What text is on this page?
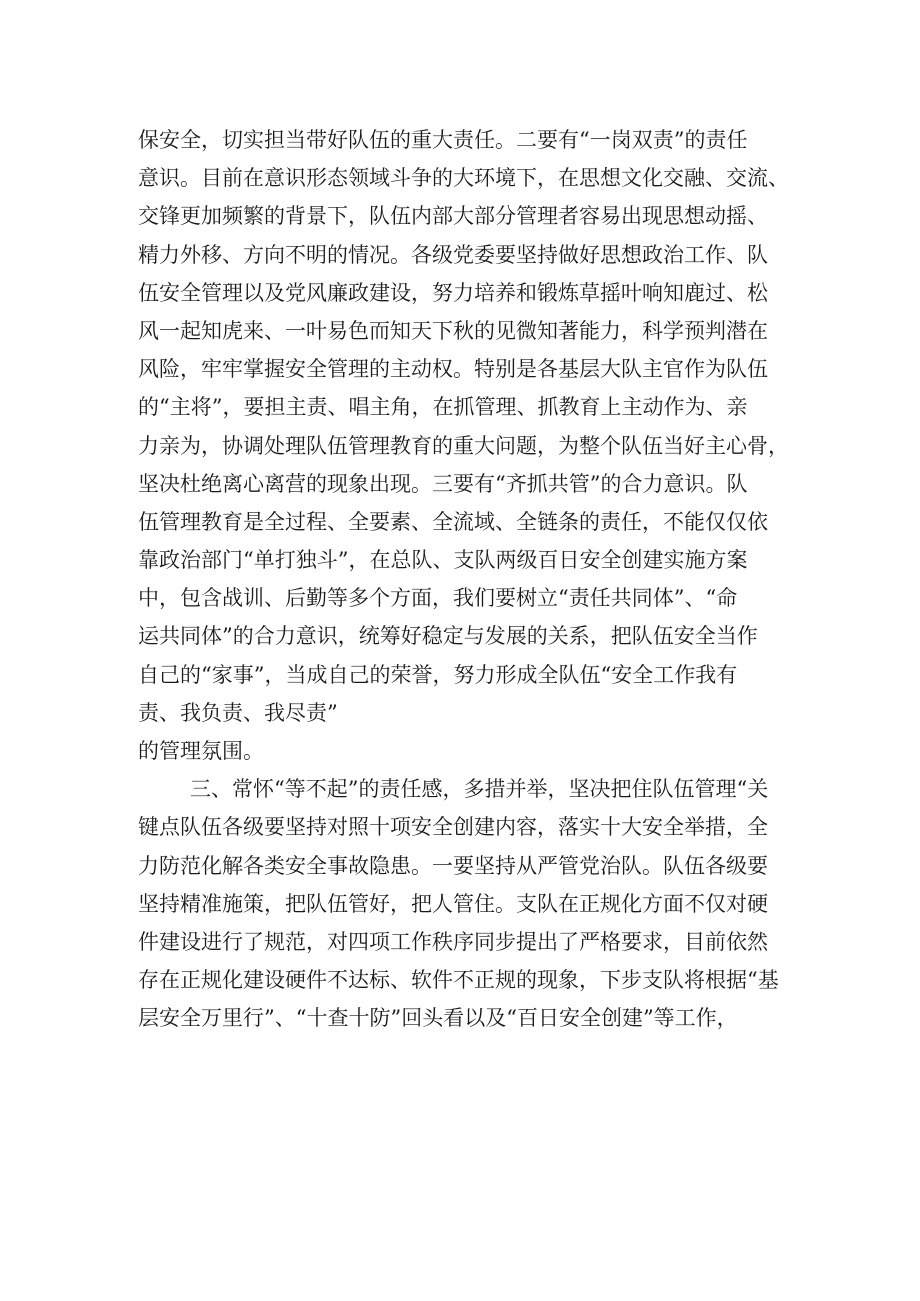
保安全，切实担当带好队伍的重大责任。二要有“一岗双责”的责任
意识。目前在意识形态领域斗争的大环境下，在思想文化交融、交流、
交锋更加频繁的背景下，队伍内部大部分管理者容易出现思想动摇、
精力外移、方向不明的情况。各级党委要坚持做好思想政治工作、队
伍安全管理以及党风廉政建设，努力培养和锻炼草摇叶响知鹿过、松
风一起知虎来、一叶易色而知天下秋的见微知著能力，科学预判潜在
风险，牢牢掌握安全管理的主动权。特别是各基层大队主官作为队伍
的“主将”，要担主责、唱主角，在抓管理、抓教育上主动作为、亲
力亲为，协调处理队伍管理教育的重大问题，为整个队伍当好主心骨，
坚决杜绝离心离营的现象出现。三要有“齐抓共管”的合力意识。队
伍管理教育是全过程、全要素、全流域、全链条的责任，不能仅仅依
靠政治部门“单打独斗”，在总队、支队两级百日安全创建实施方案
中，包含战训、后勤等多个方面，我们要树立“责任共同体”、“命
运共同体”的合力意识，统筹好稳定与发展的关系，把队伍安全当作
自己的“家事”，当成自己的荣誉，努力形成全队伍“安全工作我有
责、我负责、我尽责”
的管理氛围。
三、常怀“等不起”的责任感，多措并举，坚决把住队伍管理“关
键点队伍各级要坚持对照十项安全创建内容，落实十大安全举措，全
力防范化解各类安全事故隐患。一要坚持从严管党治队。队伍各级要
坚持精准施策，把队伍管好，把人管住。支队在正规化方面不仅对硬
件建设进行了规范，对四项工作秩序同步提出了严格要求，目前依然
存在正规化建设硬件不达标、软件不正规的现象，下步支队将根据“基
层安全万里行”、“十查十防”回头看以及“百日安全创建”等工作，
